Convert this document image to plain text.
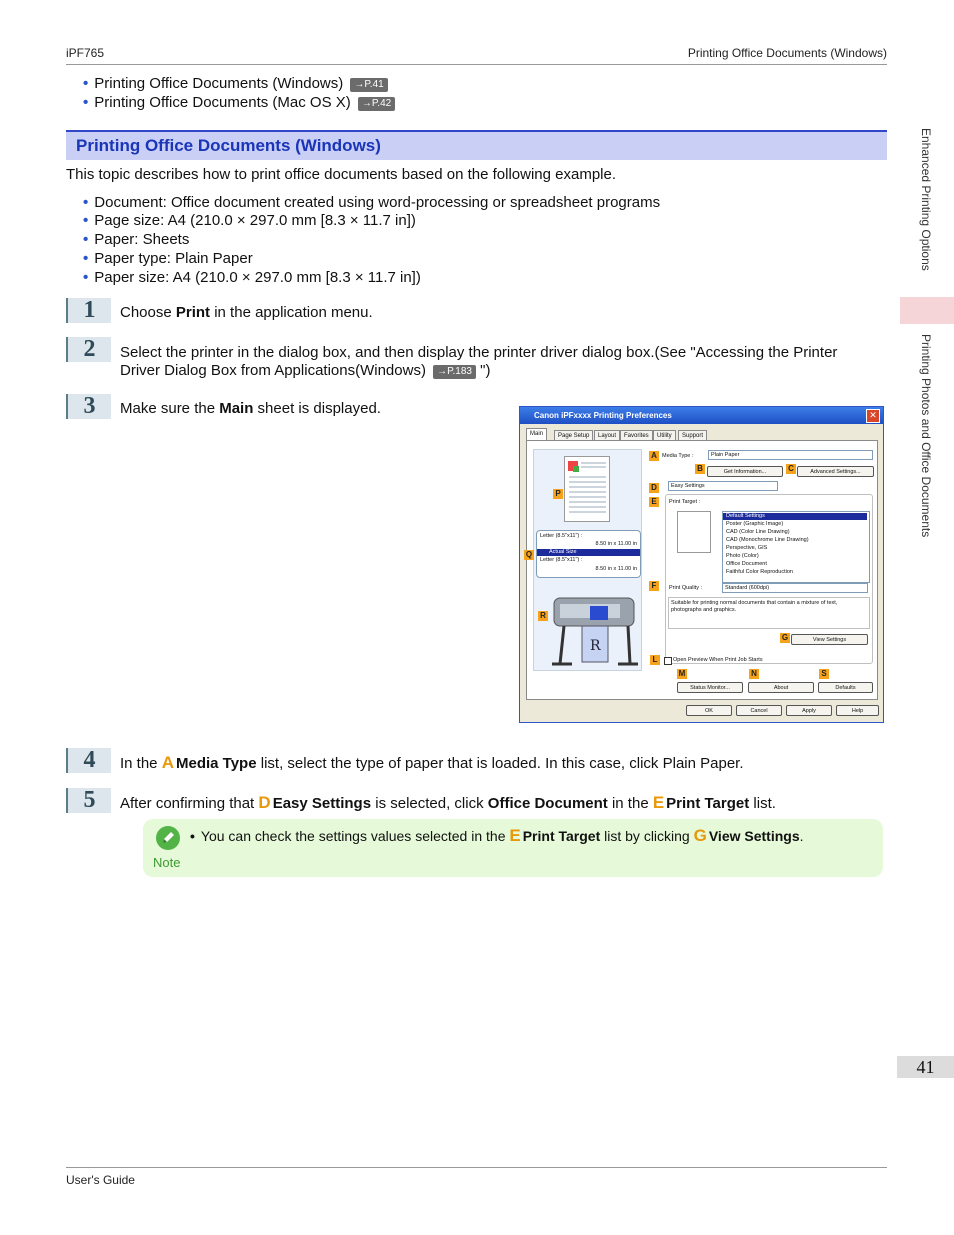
iPF765	Printing Office Documents (Windows)
• Printing Office Documents (Windows) →P.41
• Printing Office Documents (Mac OS X) →P.42
Printing Office Documents (Windows)
This topic describes how to print office documents based on the following example.
• Document: Office document created using word-processing or spreadsheet programs
• Page size: A4 (210.0 × 297.0 mm [8.3 × 11.7 in])
• Paper: Sheets
• Paper type: Plain Paper
• Paper size: A4 (210.0 × 297.0 mm [8.3 × 11.7 in])
1	Choose Print in the application menu.
2	Select the printer in the dialog box, and then display the printer driver dialog box.(See "Accessing the Printer
Driver Dialog Box from Applications(Windows) →P.183 ")
3	Make sure the Main sheet is displayed.	Canon iPFxxxx Printing Preferences	✕
Main	Page Setup	Layout	Favorites	Utility	Support
P
Letter (8.5"x11") :
8.50 in x 11.00 in
Actual Size
Letter (8.5"x11") :
8.50 in x 11.00 in
Q
R
R
A Media Type :	Plain Paper
B	Get Information...	C	Advanced Settings...
D	Easy Settings
E	Print Target :
Default Settings
Poster (Graphic Image)
CAD (Color Line Drawing)
CAD (Monochrome Line Drawing)
Perspective, GIS
Photo (Color)
Office Document
Faithful Color Reproduction
F	Print Quality :	Standard (600dpi)
Suitable for printing normal documents that contain a mixture of text, photographs and graphics.
G	View Settings
L	Open Preview When Print Job Starts
M	N	S
Status Monitor...	About	Defaults
OK	Cancel	Apply	Help
4	In the A Media Type list, select the type of paper that is loaded. In this case, click Plain Paper.
5	After confirming that D Easy Settings is selected, click Office Document in the E Print Target list.
Note
• You can check the settings values selected in the E Print Target list by clicking G View Settings.
Enhanced Printing Options
Printing Photos and Office Documents
41
User's Guide
